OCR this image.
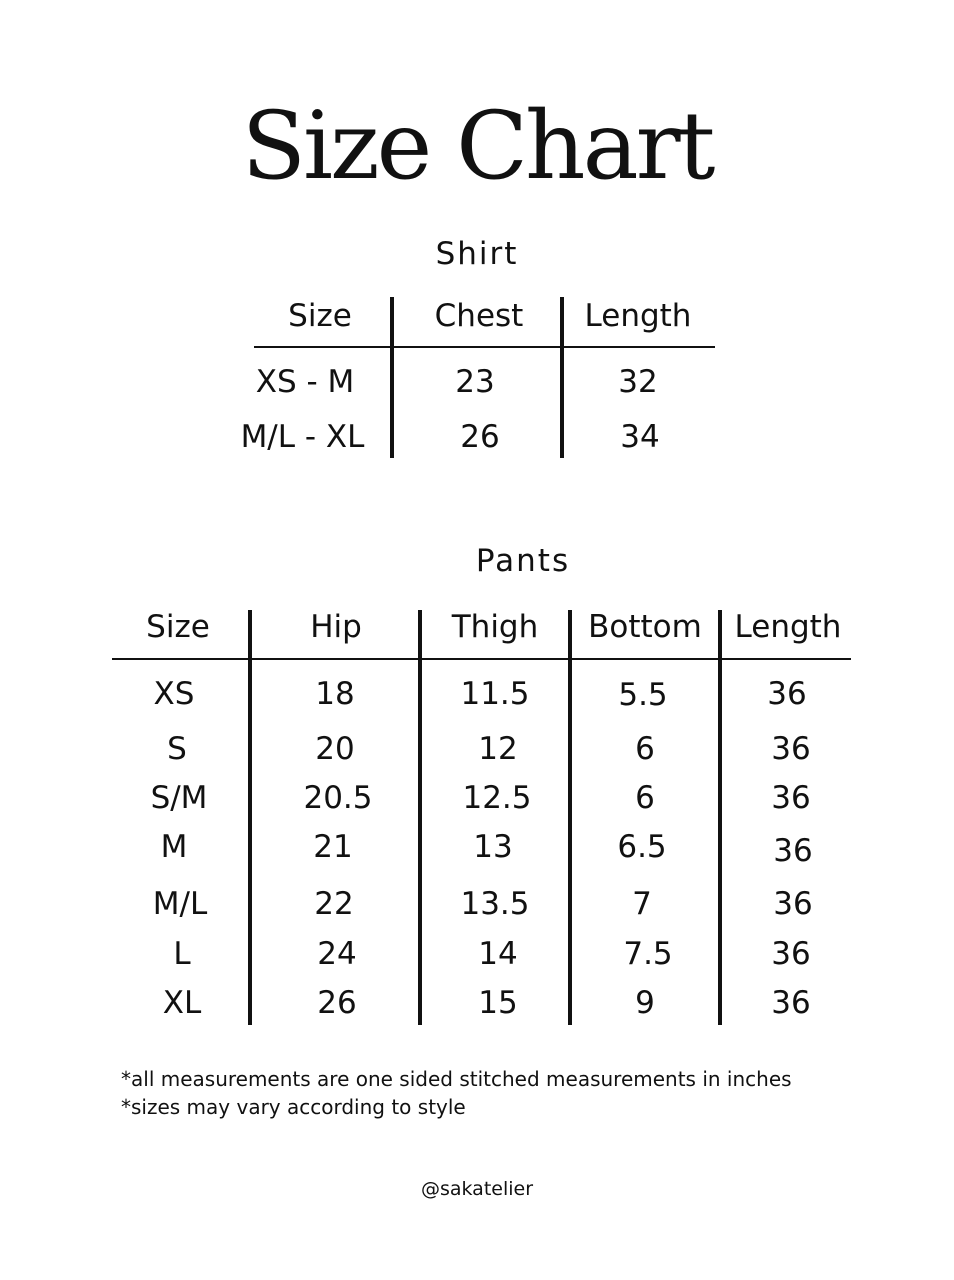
Size Chart
Shirt
Size	Chest	Length
XS - M	23	32
M/L - XL	26	34
Pants
Size	Hip	Thigh	Bottom	Length
XS	18	11.5	5.5	36
S	20	12	6	36
S/M	20.5	12.5	6	36
M	21	13	6.5	36
M/L	22	13.5	7	36
L	24	14	7.5	36
XL	26	15	9	36
*all measurements are one sided stitched measurements in inches
*sizes may vary according to style
@sakatelier
